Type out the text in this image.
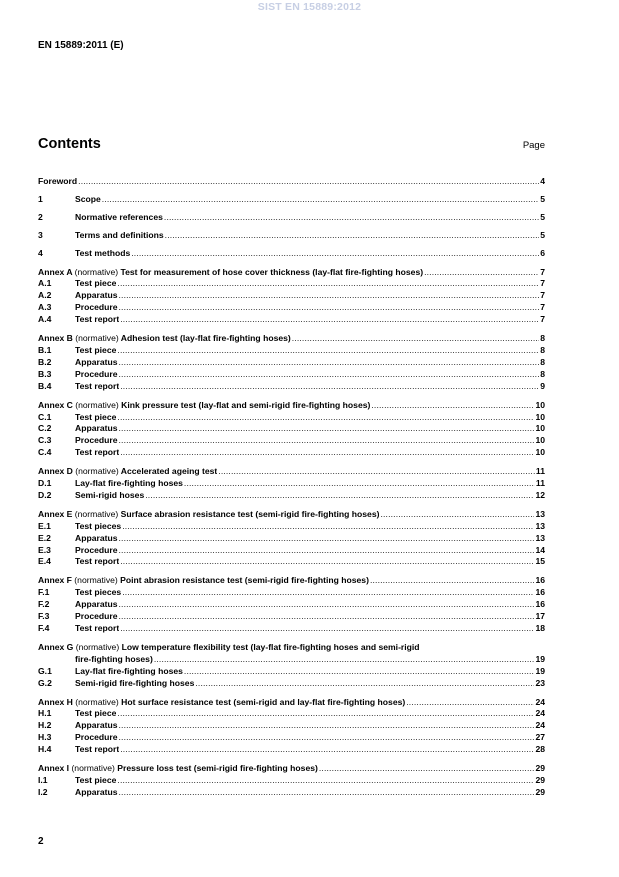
SIST EN 15889:2012
EN 15889:2011 (E)
Contents	Page
Foreword .....	4
1	Scope .....	5
2	Normative references .....	5
3	Terms and definitions .....	5
4	Test methods .....	6
Annex A (normative) Test for measurement of hose cover thickness (lay-flat fire-fighting hoses) .....	7
A.1	Test piece .....	7
A.2	Apparatus .....	7
A.3	Procedure .....	7
A.4	Test report .....	7
Annex B (normative) Adhesion test (lay-flat fire-fighting hoses) .....	8
B.1	Test piece .....	8
B.2	Apparatus .....	8
B.3	Procedure .....	8
B.4	Test report .....	9
Annex C (normative) Kink pressure test (lay-flat and semi-rigid fire-fighting hoses) .....	10
C.1	Test piece .....	10
C.2	Apparatus .....	10
C.3	Procedure .....	10
C.4	Test report .....	10
Annex D (normative) Accelerated ageing test .....	11
D.1	Lay-flat fire-fighting hoses .....	11
D.2	Semi-rigid hoses .....	12
Annex E (normative) Surface abrasion resistance test (semi-rigid fire-fighting hoses) .....	13
E.1	Test pieces .....	13
E.2	Apparatus .....	13
E.3	Procedure .....	14
E.4	Test report .....	15
Annex F (normative) Point abrasion resistance test (semi-rigid fire-fighting hoses) .....	16
F.1	Test pieces .....	16
F.2	Apparatus .....	16
F.3	Procedure .....	17
F.4	Test report .....	18
Annex G (normative) Low temperature flexibility test (lay-flat fire-fighting hoses and semi-rigid
fire-fighting hoses) .....	19
G.1	Lay-flat fire-fighting hoses .....	19
G.2	Semi-rigid fire-fighting hoses .....	23
Annex H (normative) Hot surface resistance test (semi-rigid and lay-flat fire-fighting hoses) .....	24
H.1	Test piece .....	24
H.2	Apparatus .....	24
H.3	Procedure .....	27
H.4	Test report .....	28
Annex I (normative) Pressure loss test (semi-rigid fire-fighting hoses) .....	29
I.1	Test piece .....	29
I.2	Apparatus .....	29
2
